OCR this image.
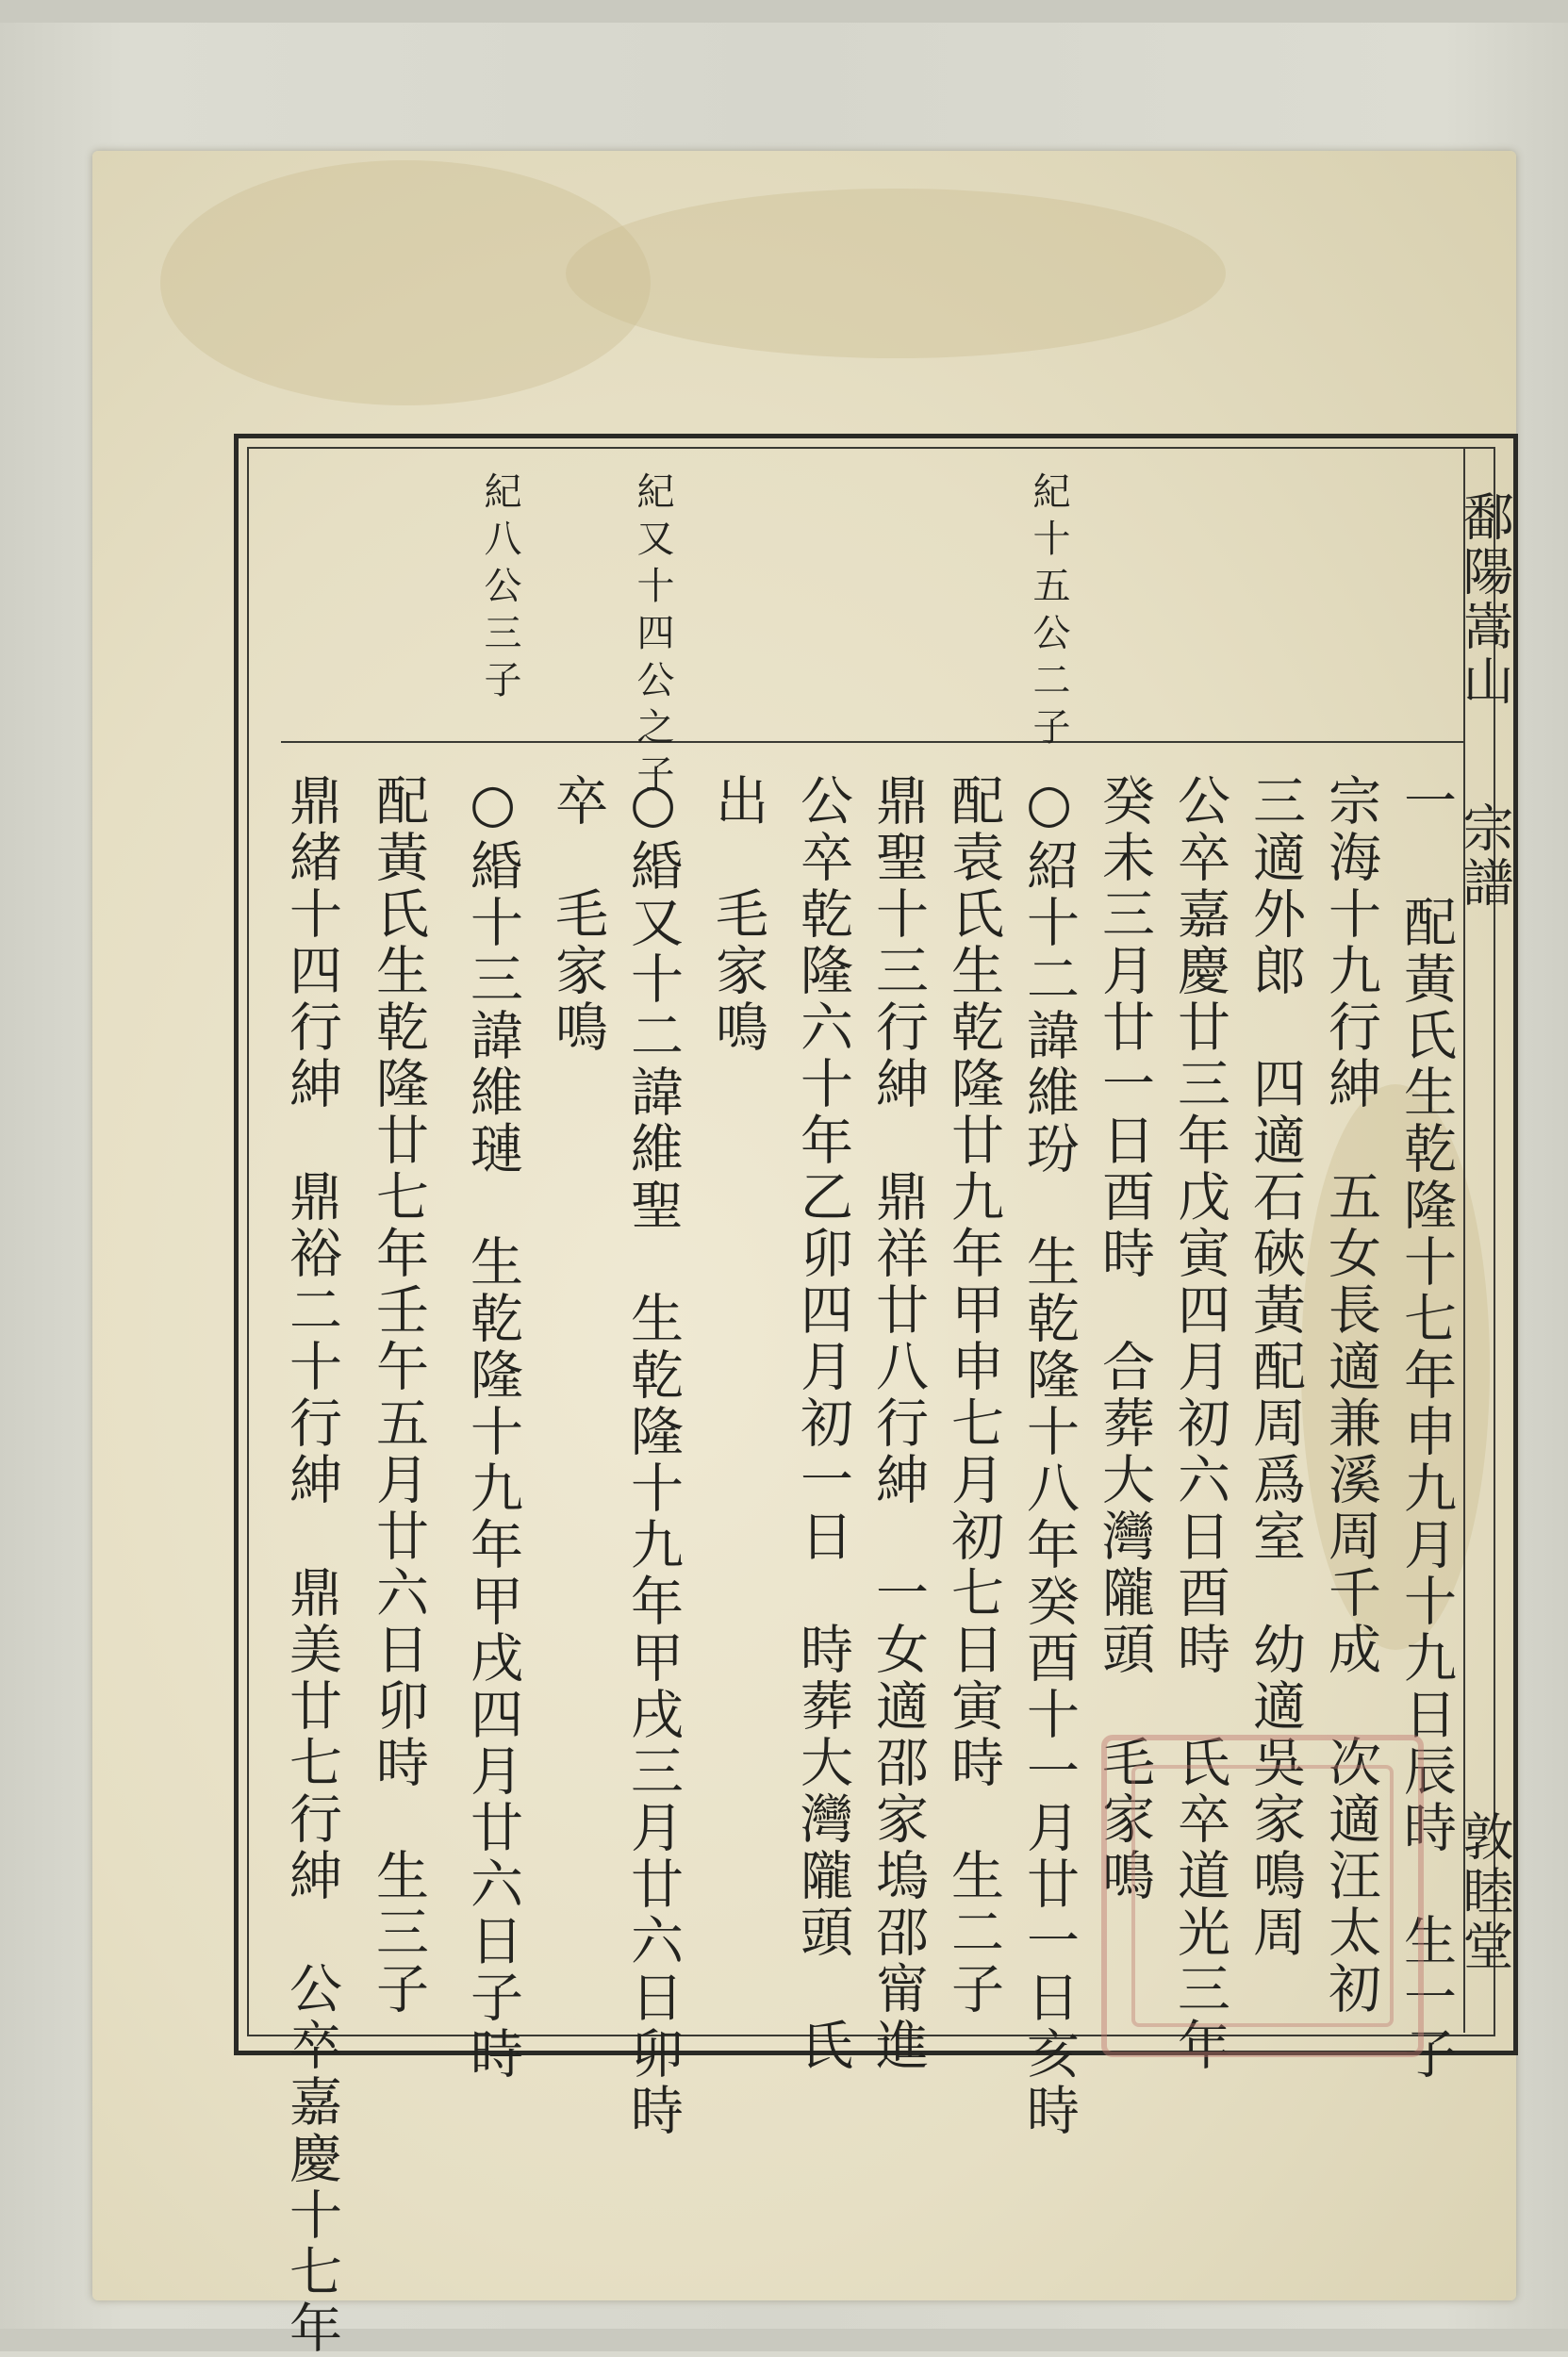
鄱陽嵩山
宗譜
敦睦堂
紀十五公二子
紀又十四公之子
紀八公三子
一 配黃氏生乾隆十七年申九月十九日辰時　生一子
宗海十九行紳　五女長適兼溪周千成　次適汪太初
三適外郎　四適石硤黃配周爲室　幼適吳家鳴周
公卒嘉慶廿三年戊寅四月初六日酉時　氏卒道光三年
癸未三月廿一日酉時　合葬大灣隴頭　毛家鳴
○紹十二諱維玢　生乾隆十八年癸酉十一月廿一日亥時
配袁氏生乾隆廿九年甲申七月初七日寅時　生二子
鼎聖十三行紳　鼎祥廿八行紳　一女適邵家塢邵甯進
公卒乾隆六十年乙卯四月初一日　時葬大灣隴頭　氏
出　毛家鳴
○緍又十二諱維聖　生乾隆十九年甲戌三月廿六日卯時
卒　毛家鳴
○緍十三諱維璉　生乾隆十九年甲戌四月廿六日子時
配黃氏生乾隆廿七年壬午五月廿六日卯時　生三子
鼎緒十四行紳　鼎裕二十行紳　鼎美廿七行紳　公卒嘉慶十七年
